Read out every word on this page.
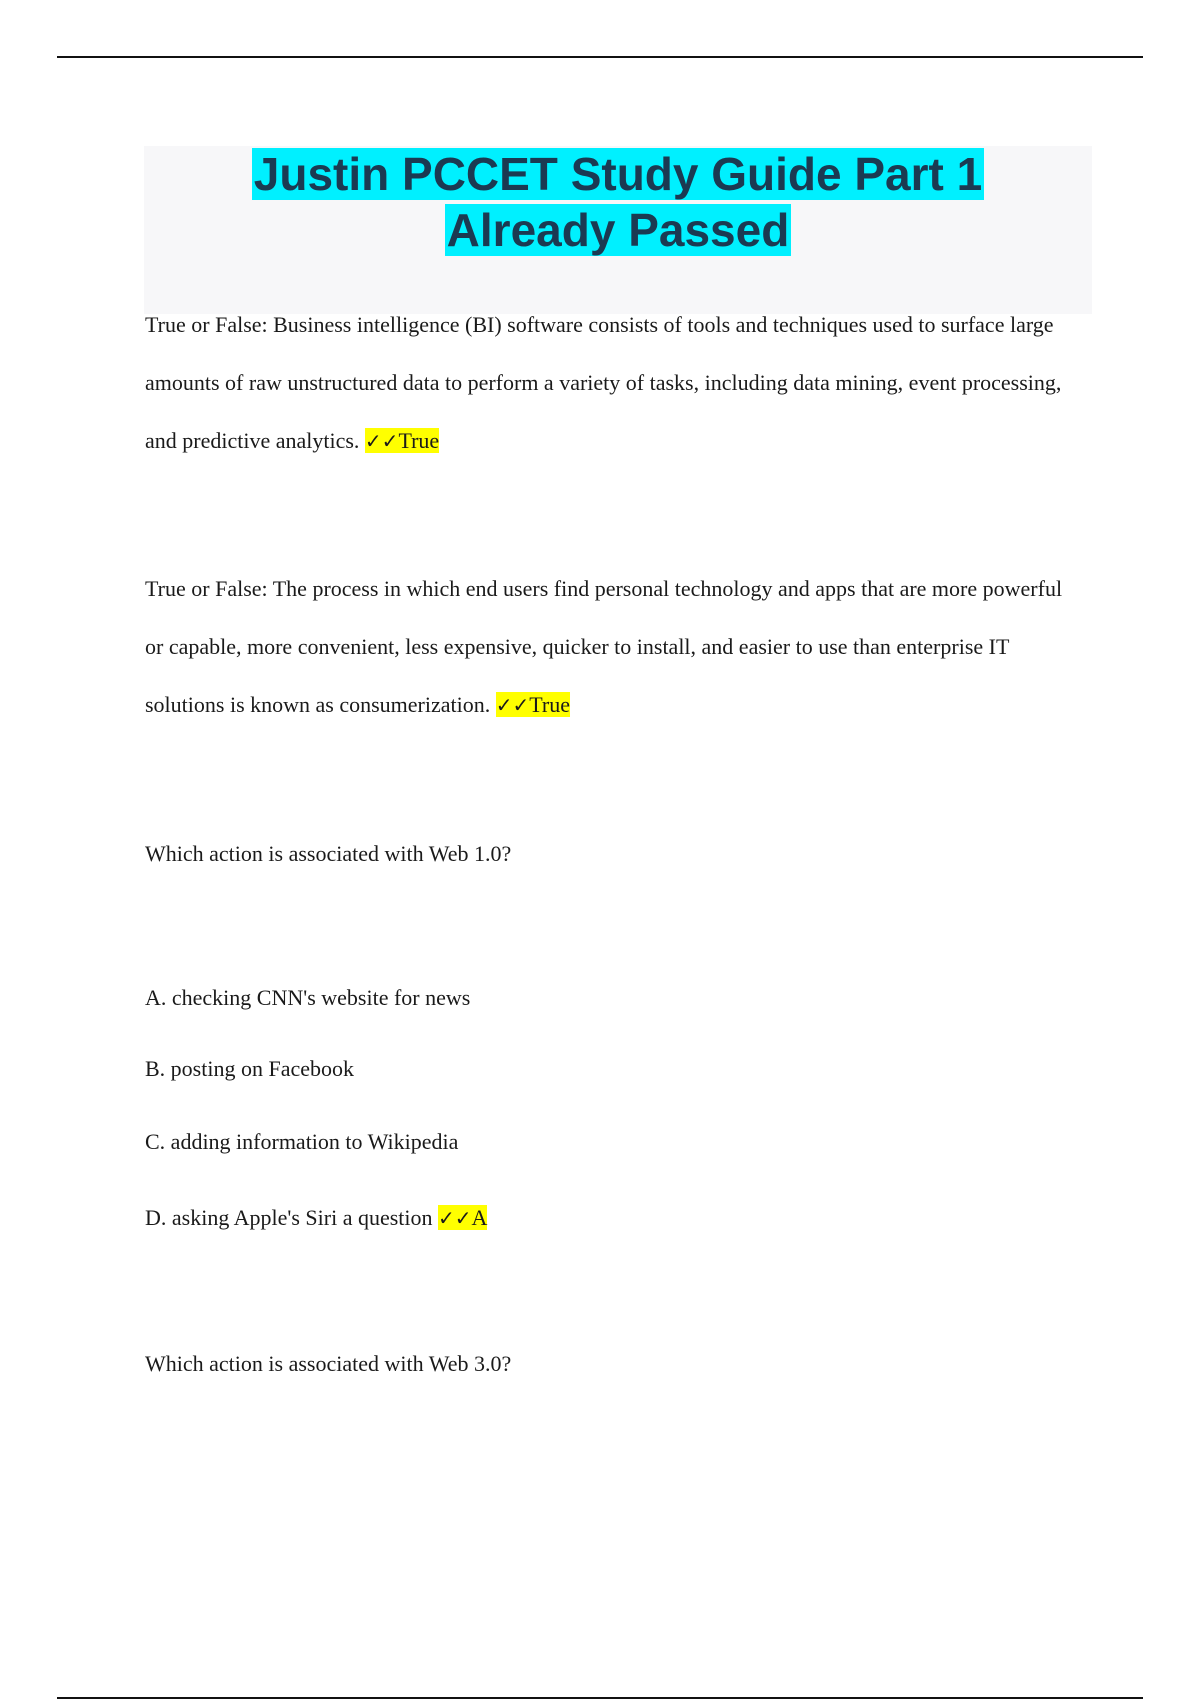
Justin PCCET Study Guide Part 1
Already Passed

True or False: Business intelligence (BI) software consists of tools and techniques used to surface large amounts of raw unstructured data to perform a variety of tasks, including data mining, event processing, and predictive analytics. ✓✓True

True or False: The process in which end users find personal technology and apps that are more powerful or capable, more convenient, less expensive, quicker to install, and easier to use than enterprise IT solutions is known as consumerization. ✓✓True

Which action is associated with Web 1.0?

A. checking CNN's website for news

B. posting on Facebook

C. adding information to Wikipedia

D. asking Apple's Siri a question ✓✓A

Which action is associated with Web 3.0?
